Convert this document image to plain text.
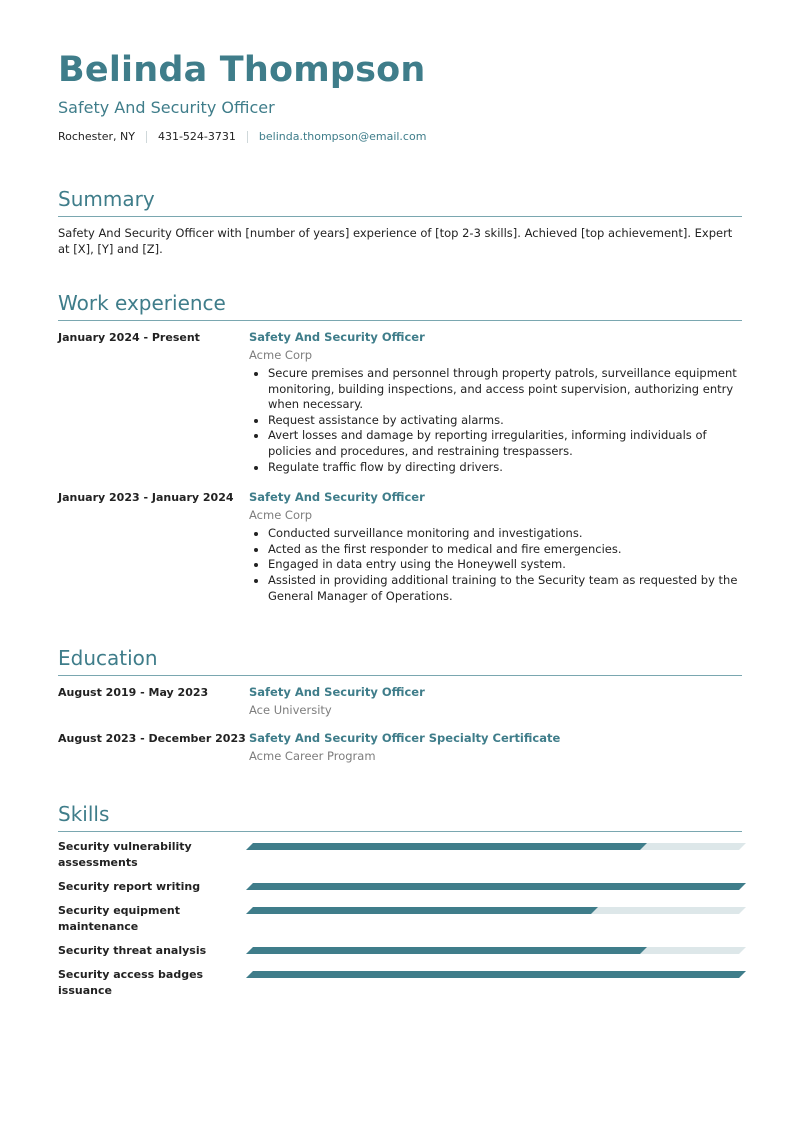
Belinda Thompson
Safety And Security Officer
Rochester, NY 431-524-3731 belinda.thompson@email.com
Summary

Safety And Security Officer with [number of years] experience of [top 2-3 skills]. Achieved [top achievement]. Expert at [X], [Y] and [Z].

Work experience
January 2024 - Present	Safety And Security Officer
Acme Corp
• Secure premises and personnel through property patrols, surveillance equipment monitoring, building inspections, and access point supervision, authorizing entry when necessary.
• Request assistance by activating alarms.
• Avert losses and damage by reporting irregularities, informing individuals of policies and procedures, and restraining trespassers.
• Regulate traffic flow by directing drivers.
January 2023 - January 2024	Safety And Security Officer
Acme Corp
• Conducted surveillance monitoring and investigations.
• Acted as the first responder to medical and fire emergencies.
• Engaged in data entry using the Honeywell system.
• Assisted in providing additional training to the Security team as requested by the General Manager of Operations.
Education
August 2019 - May 2023	Safety And Security Officer
Ace University
August 2023 - December 2023 Safety And Security Officer Specialty Certificate
Acme Career Program
Skills
Security vulnerability assessments
Security report writing
Security equipment maintenance
Security threat analysis
Security access badges issuance
